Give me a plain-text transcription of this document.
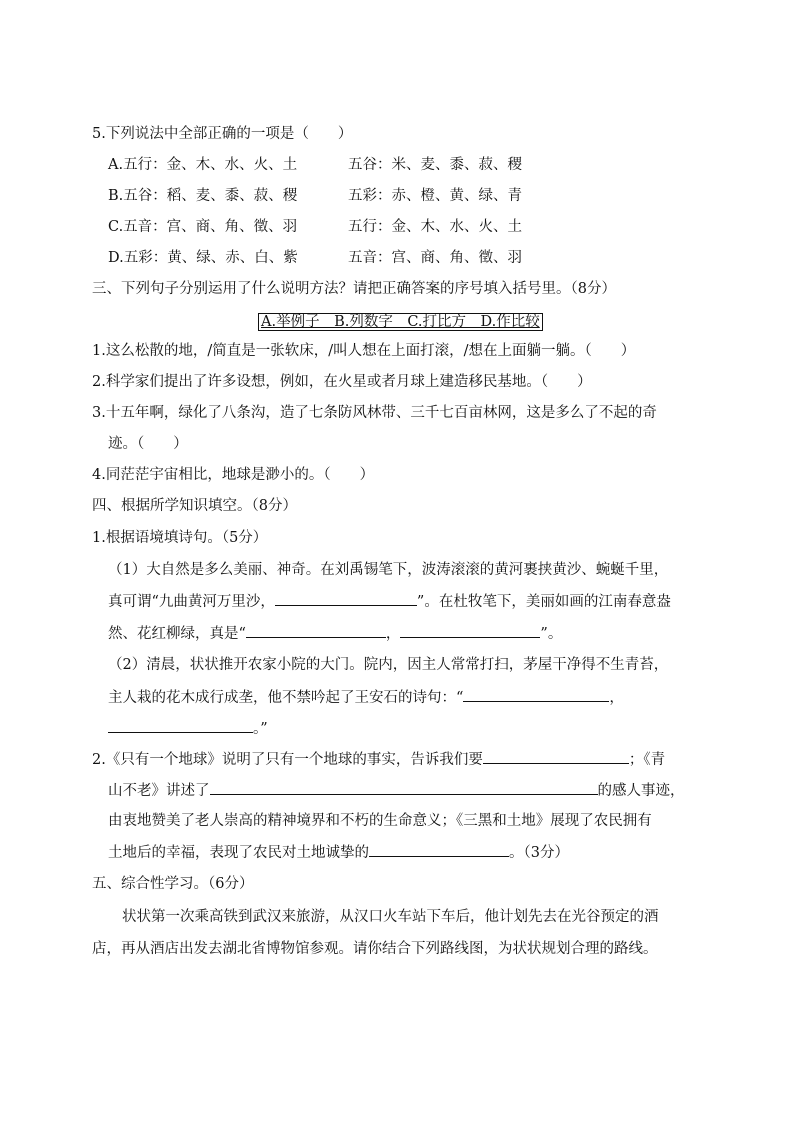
5.下列说法中全部正确的一项是（　　）
A.五行：金、木、水、火、土	五谷：米、麦、黍、菽、稷
B.五谷：稻、麦、黍、菽、稷	五彩：赤、橙、黄、绿、青
C.五音：宫、商、角、徵、羽	五行：金、木、水、火、土
D.五彩：黄、绿、赤、白、紫	五音：宫、商、角、徵、羽
三、下列句子分别运用了什么说明方法？请把正确答案的序号填入括号里。（8分）
A.举例子　B.列数字　C.打比方　D.作比较
1.这么松散的地，/简直是一张软床，/叫人想在上面打滚，/想在上面躺一躺。（　　）
2.科学家们提出了许多设想，例如，在火星或者月球上建造移民基地。（　　）
3.十五年啊，绿化了八条沟，造了七条防风林带、三千七百亩林网，这是多么了不起的奇
迹。（　　）
4.同茫茫宇宙相比，地球是渺小的。（　　）
四、根据所学知识填空。（8分）
1.根据语境填诗句。（5分）
（1）大自然是多么美丽、神奇。在刘禹锡笔下，波涛滚滚的黄河裹挟黄沙、蜿蜒千里，
真可谓“九曲黄河万里沙，	”。在杜牧笔下，美丽如画的江南春意盎
然、花红柳绿，真是“	，	”。
（2）清晨，状状推开农家小院的大门。院内，因主人常常打扫，茅屋干净得不生青苔，
主人栽的花木成行成垄，他不禁吟起了王安石的诗句：“	，
。”
2.《只有一个地球》说明了只有一个地球的事实，告诉我们要	；《青
山不老》讲述了	的感人事迹，
由衷地赞美了老人崇高的精神境界和不朽的生命意义；《三黑和土地》展现了农民拥有
土地后的幸福，表现了农民对土地诚挚的	。（3分）
五、综合性学习。（6分）
状状第一次乘高铁到武汉来旅游，从汉口火车站下车后，他计划先去在光谷预定的酒
店，再从酒店出发去湖北省博物馆参观。请你结合下列路线图，为状状规划合理的路线。
